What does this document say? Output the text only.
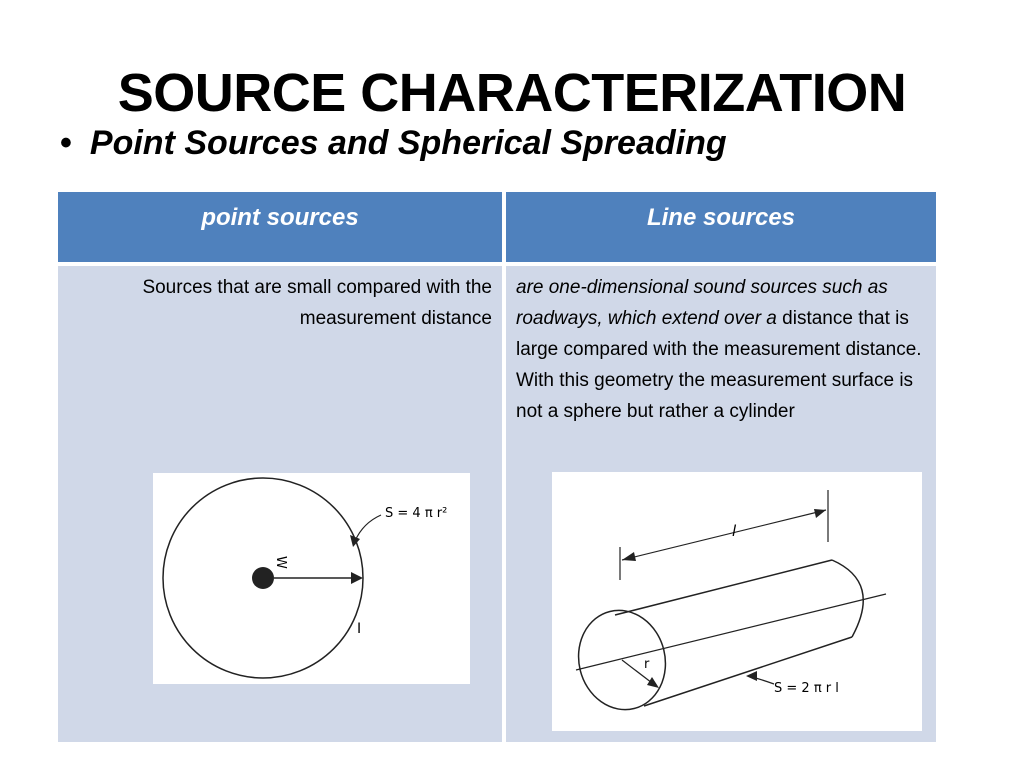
SOURCE CHARACTERIZATION
• Point Sources and Spherical Spreading
point sources	Line sources
Sources that are small compared with the measurement distance
are one-dimensional sound sources such as roadways, which extend over a distance that is large compared with the measurement distance. With this geometry the measurement surface is not a sphere but rather a cylinder
W
I
S = 4 π r²
l
r
S = 2 π r l
